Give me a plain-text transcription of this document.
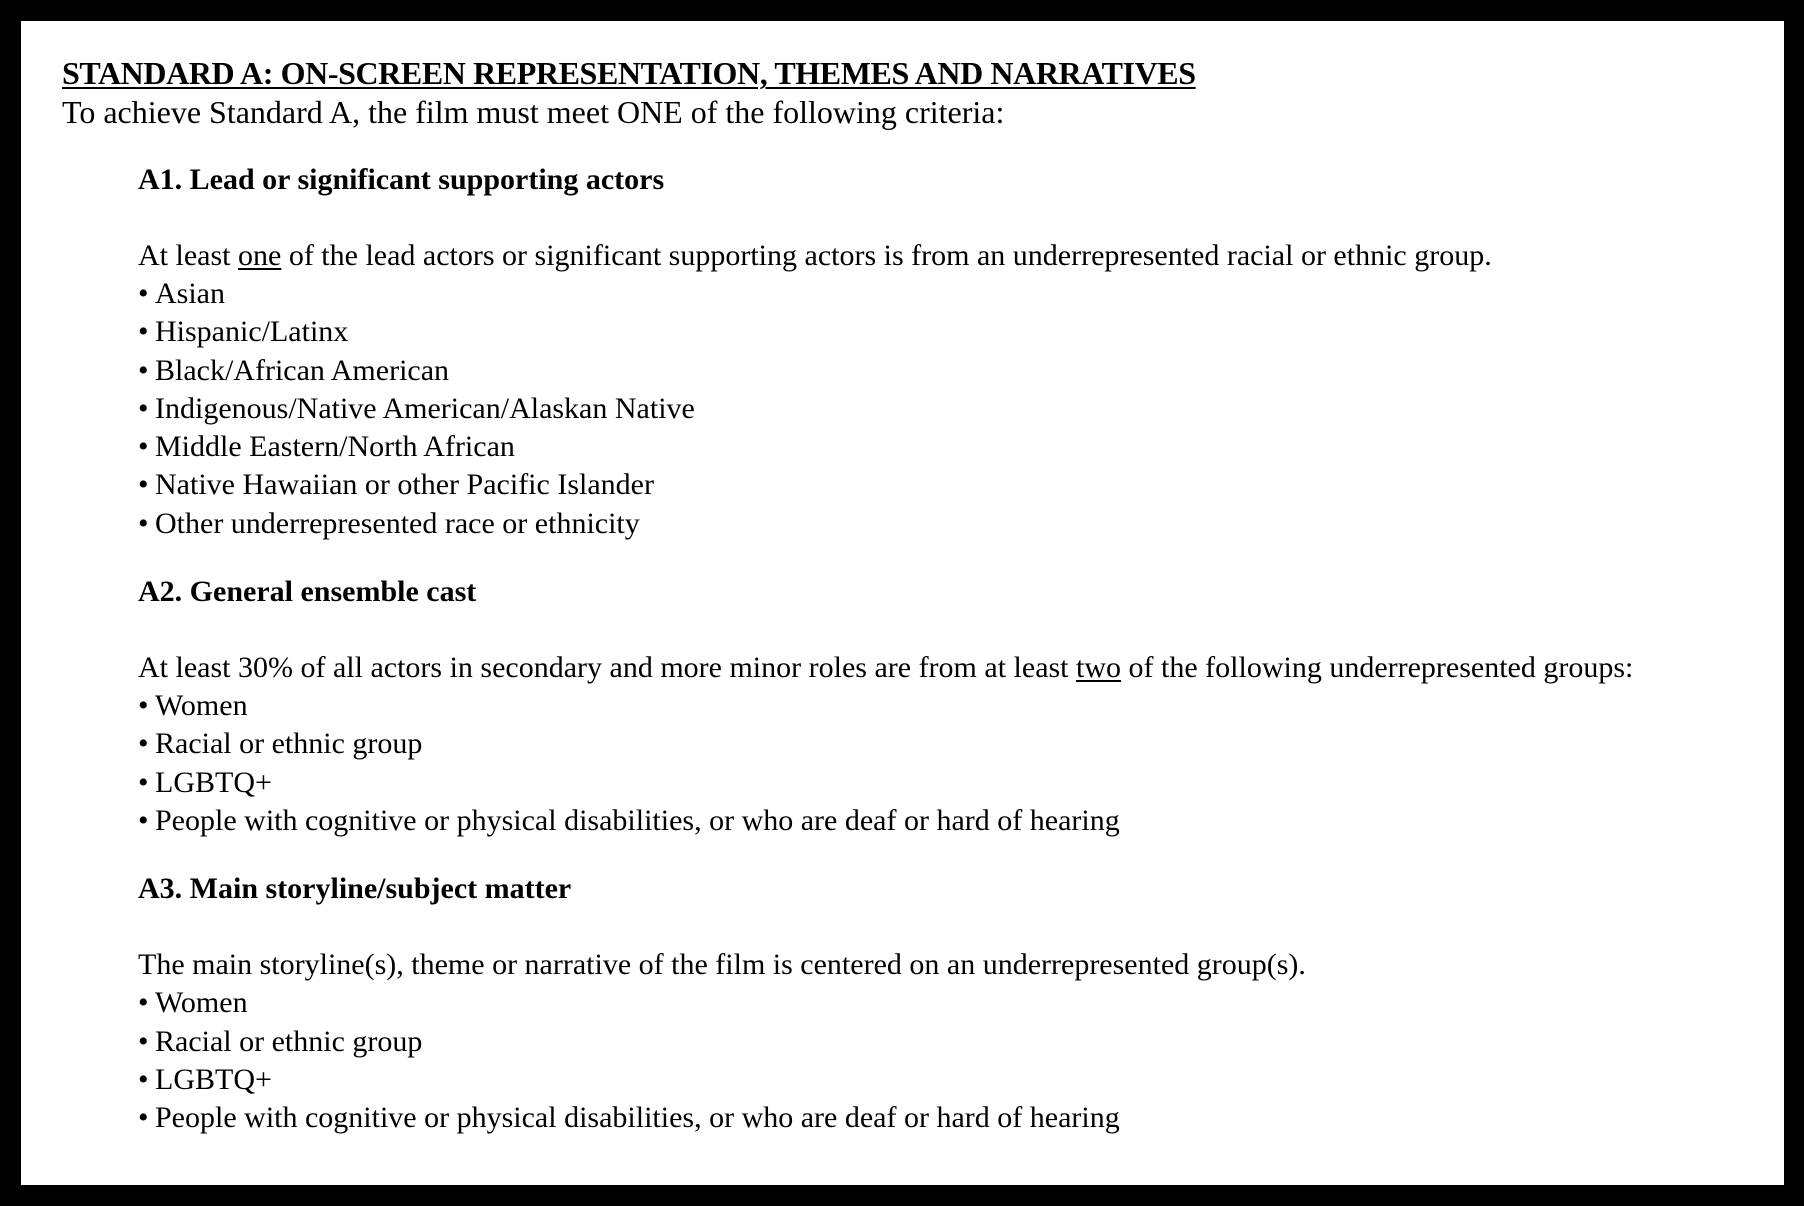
STANDARD A: ON-SCREEN REPRESENTATION, THEMES AND NARRATIVES

To achieve Standard A, the film must meet ONE of the following criteria:

A1. Lead or significant supporting actors

At least one of the lead actors or significant supporting actors is from an underrepresented racial or ethnic group.

• Asian
• Hispanic/Latinx
• Black/African American
• Indigenous/Native American/Alaskan Native
• Middle Eastern/North African
• Native Hawaiian or other Pacific Islander
• Other underrepresented race or ethnicity

A2. General ensemble cast

At least 30% of all actors in secondary and more minor roles are from at least two of the following underrepresented groups:

• Women
• Racial or ethnic group
• LGBTQ+
• People with cognitive or physical disabilities, or who are deaf or hard of hearing

A3. Main storyline/subject matter

The main storyline(s), theme or narrative of the film is centered on an underrepresented group(s).

• Women
• Racial or ethnic group
• LGBTQ+
• People with cognitive or physical disabilities, or who are deaf or hard of hearing
